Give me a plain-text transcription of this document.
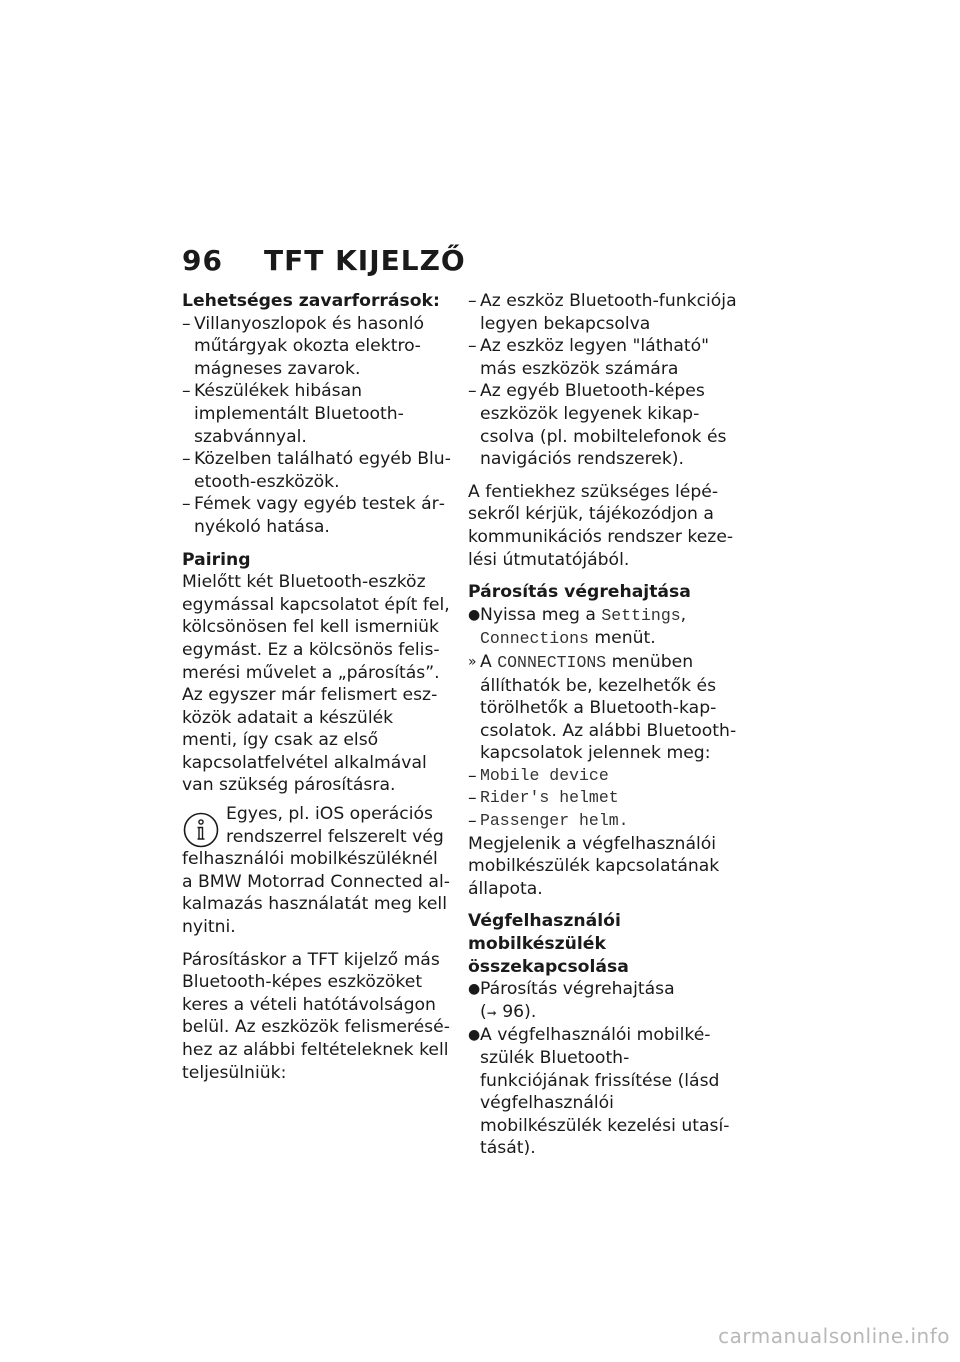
96	TFT KIJELZŐ

Lehetséges zavarforrások:

– Villanyoszlopok és hasonló műtárgyak okozta elektromágneses zavarok.
– Készülékek hibásan implementált Bluetooth-szabvánnyal.
– Közelben található egyéb Bluetooth-eszközök.
– Fémek vagy egyéb testek árnyékoló hatása.

Pairing

Mielőtt két Bluetooth-eszköz egymással kapcsolatot épít fel, kölcsönösen fel kell ismerniük egymást. Ez a kölcsönös felismerési művelet a „párosítás”. Az egyszer már felismert eszközök adatait a készülék menti, így csak az első kapcsolatfelvétel alkalmával van szükség párosításra.

Egyes, pl. iOS operációs rendszerrel felszerelt vég

felhasználói mobilkészüléknél a BMW Motorrad Connected alkalmazás használatát meg kell nyitni.

Párosításkor a TFT kijelző más Bluetooth-képes eszközöket keres a vételi hatótávolságon belül. Az eszközök felismeréséhez az alábbi feltételeknek kell teljesülniük:

– Az eszköz Bluetooth-funkciója legyen bekapcsolva
– Az eszköz legyen "látható" más eszközök számára
– Az egyéb Bluetooth-képes eszközök legyenek kikapcsolva (pl. mobiltelefonok és navigációs rendszerek).

A fentiekhez szükséges lépésekről kérjük, tájékozódjon a kommunikációs rendszer kezelési útmutatójából.

Párosítás végrehajtása

● Nyissa meg a Settings,
Connections menüt.
» A CONNECTIONS menüben állíthatók be, kezelhetők és törölhetők a Bluetooth-kapcsolatok. Az alábbi Bluetooth-kapcsolatok jelennek meg:
– Mobile device
– Rider's helmet
– Passenger helm.

Megjelenik a végfelhasználói mobilkészülék kapcsolatának állapota.

Végfelhasználói mobilkészülék összekapcsolása

● Párosítás végrehajtása
(➞ 96).
● A végfelhasználói mobilkészülék Bluetooth-funkciójának frissítése (lásd végfelhasználói mobilkészülék kezelési utasítását).
carmanualsonline.info
